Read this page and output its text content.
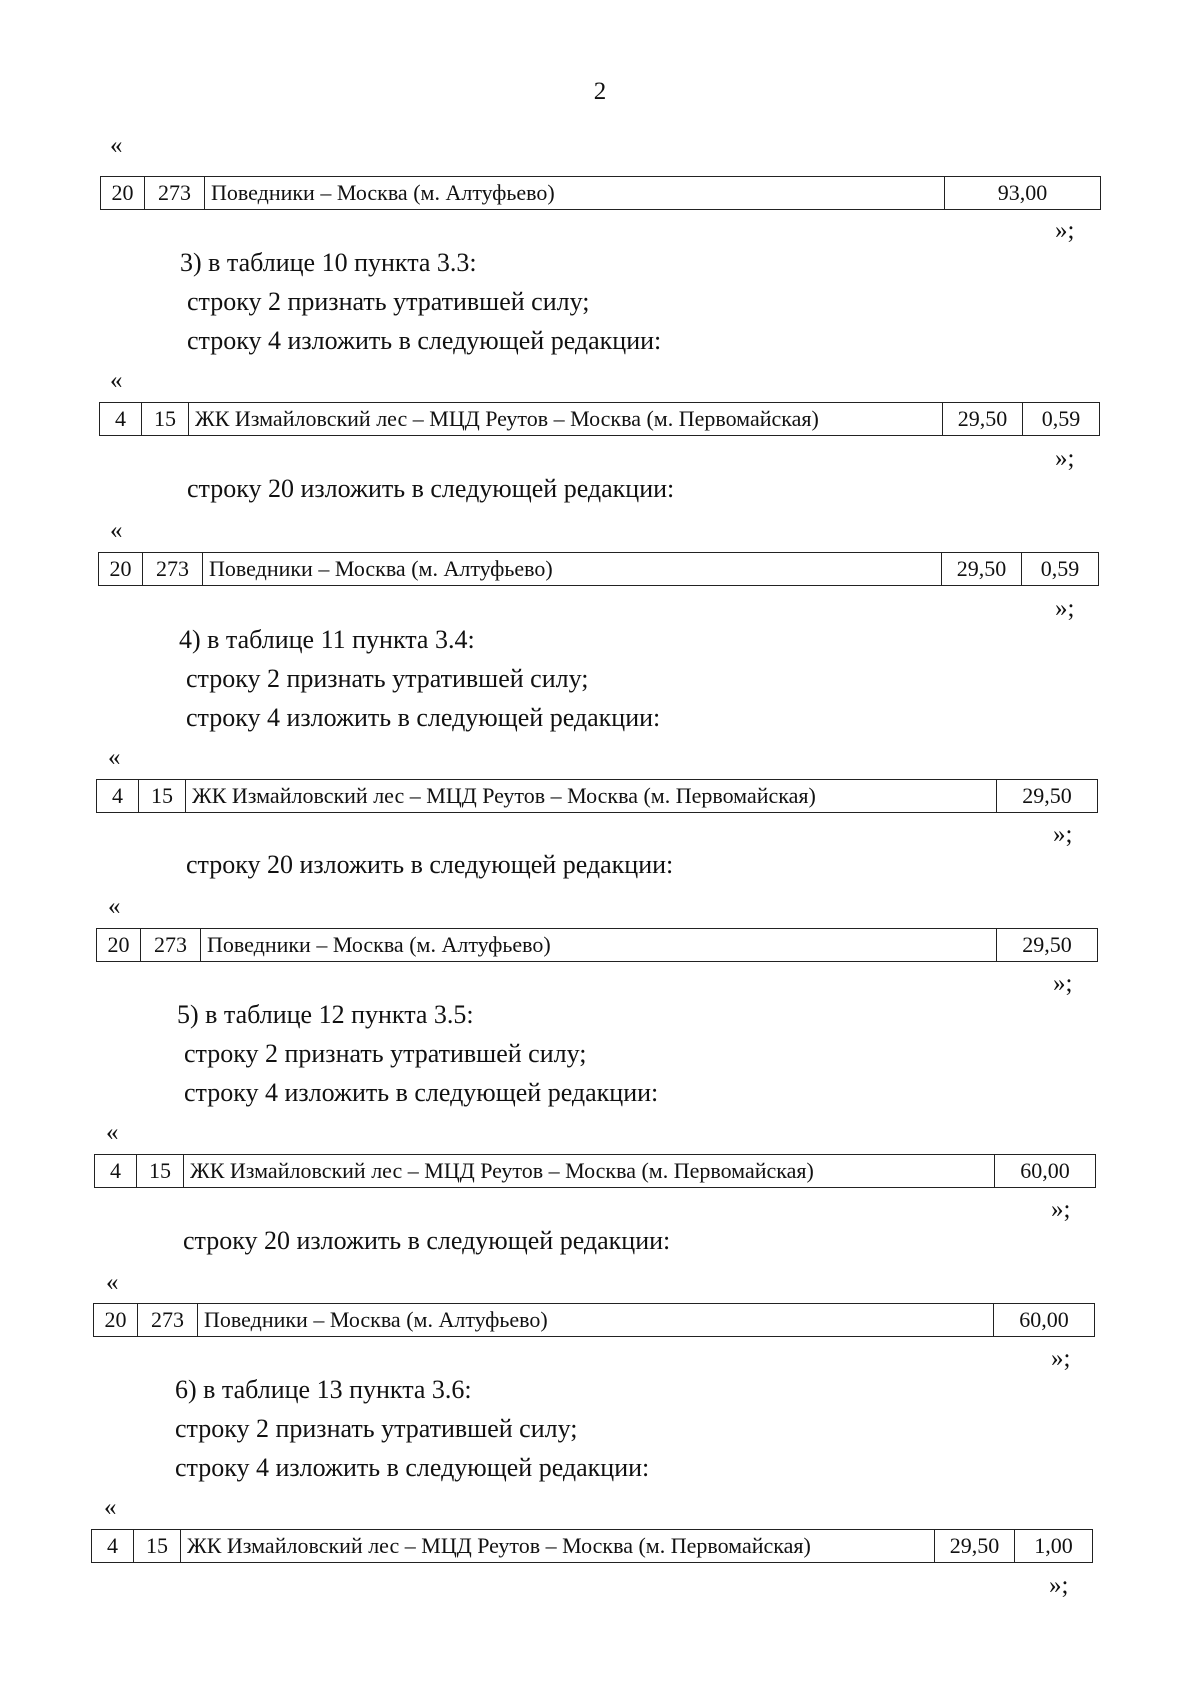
2
«
20	273	Поведники – Москва (м. Алтуфьево)	93,00
»;
3) в таблице 10 пункта 3.3:
строку 2 признать утратившей силу;
строку 4 изложить в следующей редакции:
«
4	15	ЖК Измайловский лес – МЦД Реутов – Москва (м. Первомайская)	29,50	0,59
»;
строку 20 изложить в следующей редакции:
«
20	273	Поведники – Москва (м. Алтуфьево)	29,50	0,59
»;
4) в таблице 11 пункта 3.4:
строку 2 признать утратившей силу;
строку 4 изложить в следующей редакции:
«
4	15	ЖК Измайловский лес – МЦД Реутов – Москва (м. Первомайская)	29,50
»;
строку 20 изложить в следующей редакции:
«
20	273	Поведники – Москва (м. Алтуфьево)	29,50
»;
5) в таблице 12 пункта 3.5:
строку 2 признать утратившей силу;
строку 4 изложить в следующей редакции:
«
4	15	ЖК Измайловский лес – МЦД Реутов – Москва (м. Первомайская)	60,00
»;
строку 20 изложить в следующей редакции:
«
20	273	Поведники – Москва (м. Алтуфьево)	60,00
»;
6) в таблице 13 пункта 3.6:
строку 2 признать утратившей силу;
строку 4 изложить в следующей редакции:
«
4	15	ЖК Измайловский лес – МЦД Реутов – Москва (м. Первомайская)	29,50	1,00
»;
